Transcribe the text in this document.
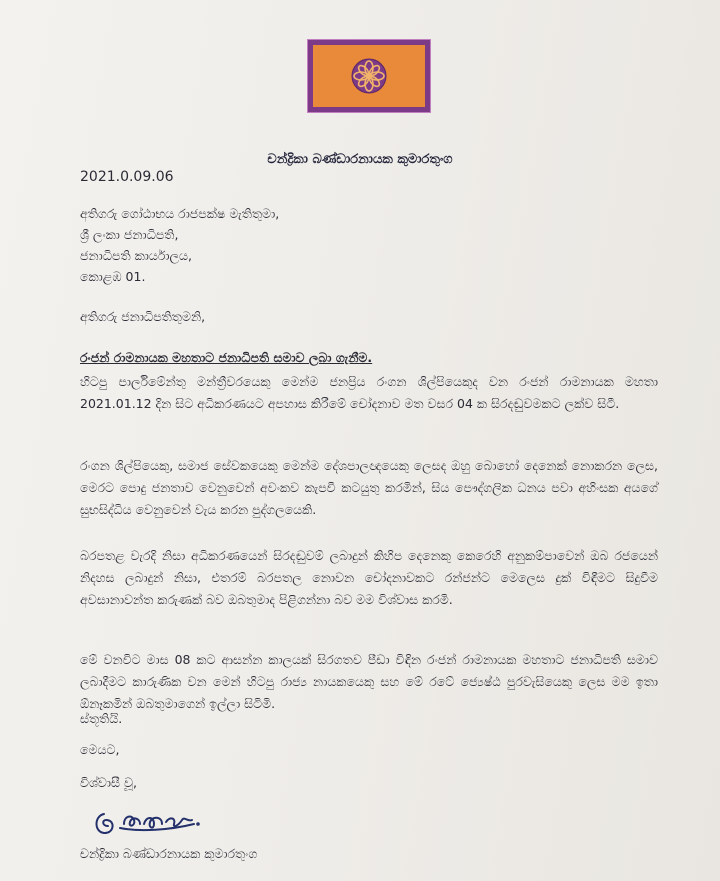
චන්ද්‍රිකා බණ්ඩාරනායක කුමාරතුංග
2021.0.09.06
අතිගරු ගෝඨාභය රාජපක්ෂ මැතිතුමා,
ශ්‍රී ලංකා ජනාධිපති,
ජනාධිපති කාර්යාලය,
කොළඹ 01.
අතිගරු ජනාධිපතිතුමනි,
රංජන් රාමනායක මහතාට ජනාධිපති සමාව ලබා ගැනීම.
හිටපු පාර්ලිමේන්තු මන්ත්‍රීවරයෙකු මෙන්ම ජනප්‍රිය රංගන ශිල්පියෙකුද වන රංජන් රාමනායක මහතා 2021.01.12 දින සිට අධිකරණයට අපහාස කිරීමේ චෝදනාව මත වසර 04 ක සිරදඬුවමකට ලක්ව සිටී.
රංගන ශිල්පියෙකු, සමාජ සේවකයෙකු මෙන්ම දේශපාලඥයෙකු ලෙසද ඔහු බොහෝ දෙනෙක් නොකරන ලෙස, මෙරට පොදු ජනතාව වෙනුවෙන් අවංකව කැපවී කටයුතු කරමින්, සිය පෞද්ගලික ධනය පවා අහිංසක අයගේ සුභසිද්ධිය වෙනුවෙන් වැය කරන පුද්ගලයෙකි.
බරපතළ වැරදි නිසා අධිකරණයෙන් සිරදඬුවම් ලබාදුන් කිහිප දෙනෙකු කෙරෙහි අනුකම්පාවෙන් ඔබ රජයෙන් නිදහස ලබාදුන් නිසා, එතරම් බරපතල නොවන චෝදනාවකට රන්ජන්ට මෙලෙස දුක් විඳීමට සිදුවීම අවසානාවන්ත කරුණක් බව ඔබතුමාද පිළිගන්නා බව මම විශ්වාස කරමි.
මේ වනවිට මාස 08 කට ආසන්න කාලයක් සිරගතව පීඩා විඳින රංජන් රාමනායක මහතාට ජනාධිපති සමාව ලබාදීමට කාරුණික වන මෙන් හිටපු රාජ්‍ය නායකයෙකු සහ මේ රටේ ජ්‍යෙෂ්ඨ පුරවැසියෙකු ලෙස මම ඉතා ඕනෑකමින් ඔබතුමාගෙන් ඉල්ලා සිටිමි.
ස්තූතියි.
මෙයට,
විශ්වාසී වූ,
චන්ද්‍රිකා බණ්ඩාරනායක කුමාරතුංග
